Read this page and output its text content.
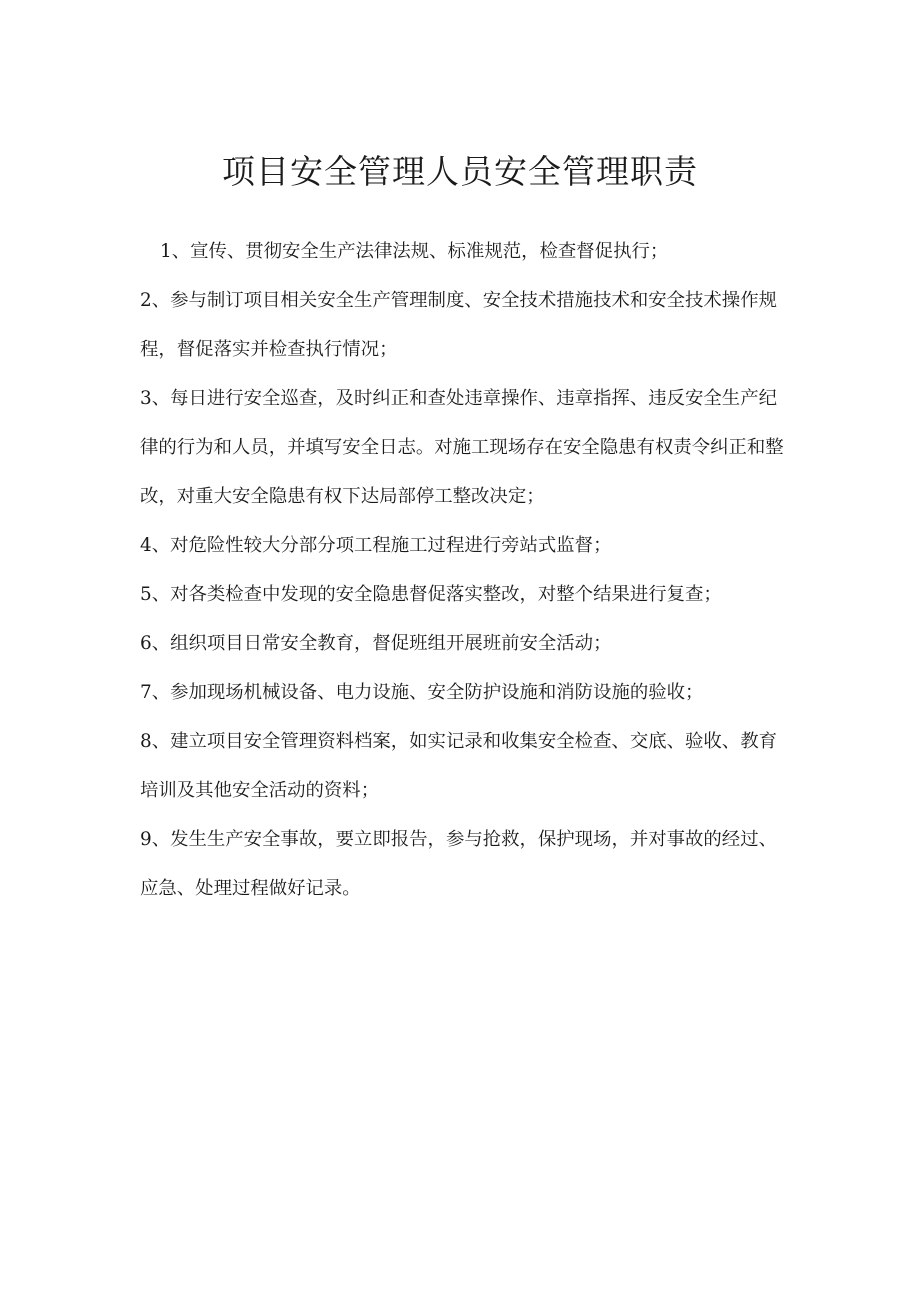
项目安全管理人员安全管理职责
1、宣传、贯彻安全生产法律法规、标准规范，检查督促执行；
2、参与制订项目相关安全生产管理制度、安全技术措施技术和安全技术操作规程，督促落实并检查执行情况；
3、每日进行安全巡查，及时纠正和查处违章操作、违章指挥、违反安全生产纪律的行为和人员，并填写安全日志。对施工现场存在安全隐患有权责令纠正和整改，对重大安全隐患有权下达局部停工整改决定；
4、对危险性较大分部分项工程施工过程进行旁站式监督；
5、对各类检查中发现的安全隐患督促落实整改，对整个结果进行复查；
6、组织项目日常安全教育，督促班组开展班前安全活动；
7、参加现场机械设备、电力设施、安全防护设施和消防设施的验收；
8、建立项目安全管理资料档案，如实记录和收集安全检查、交底、验收、教育培训及其他安全活动的资料；
9、发生生产安全事故，要立即报告，参与抢救，保护现场，并对事故的经过、应急、处理过程做好记录。
